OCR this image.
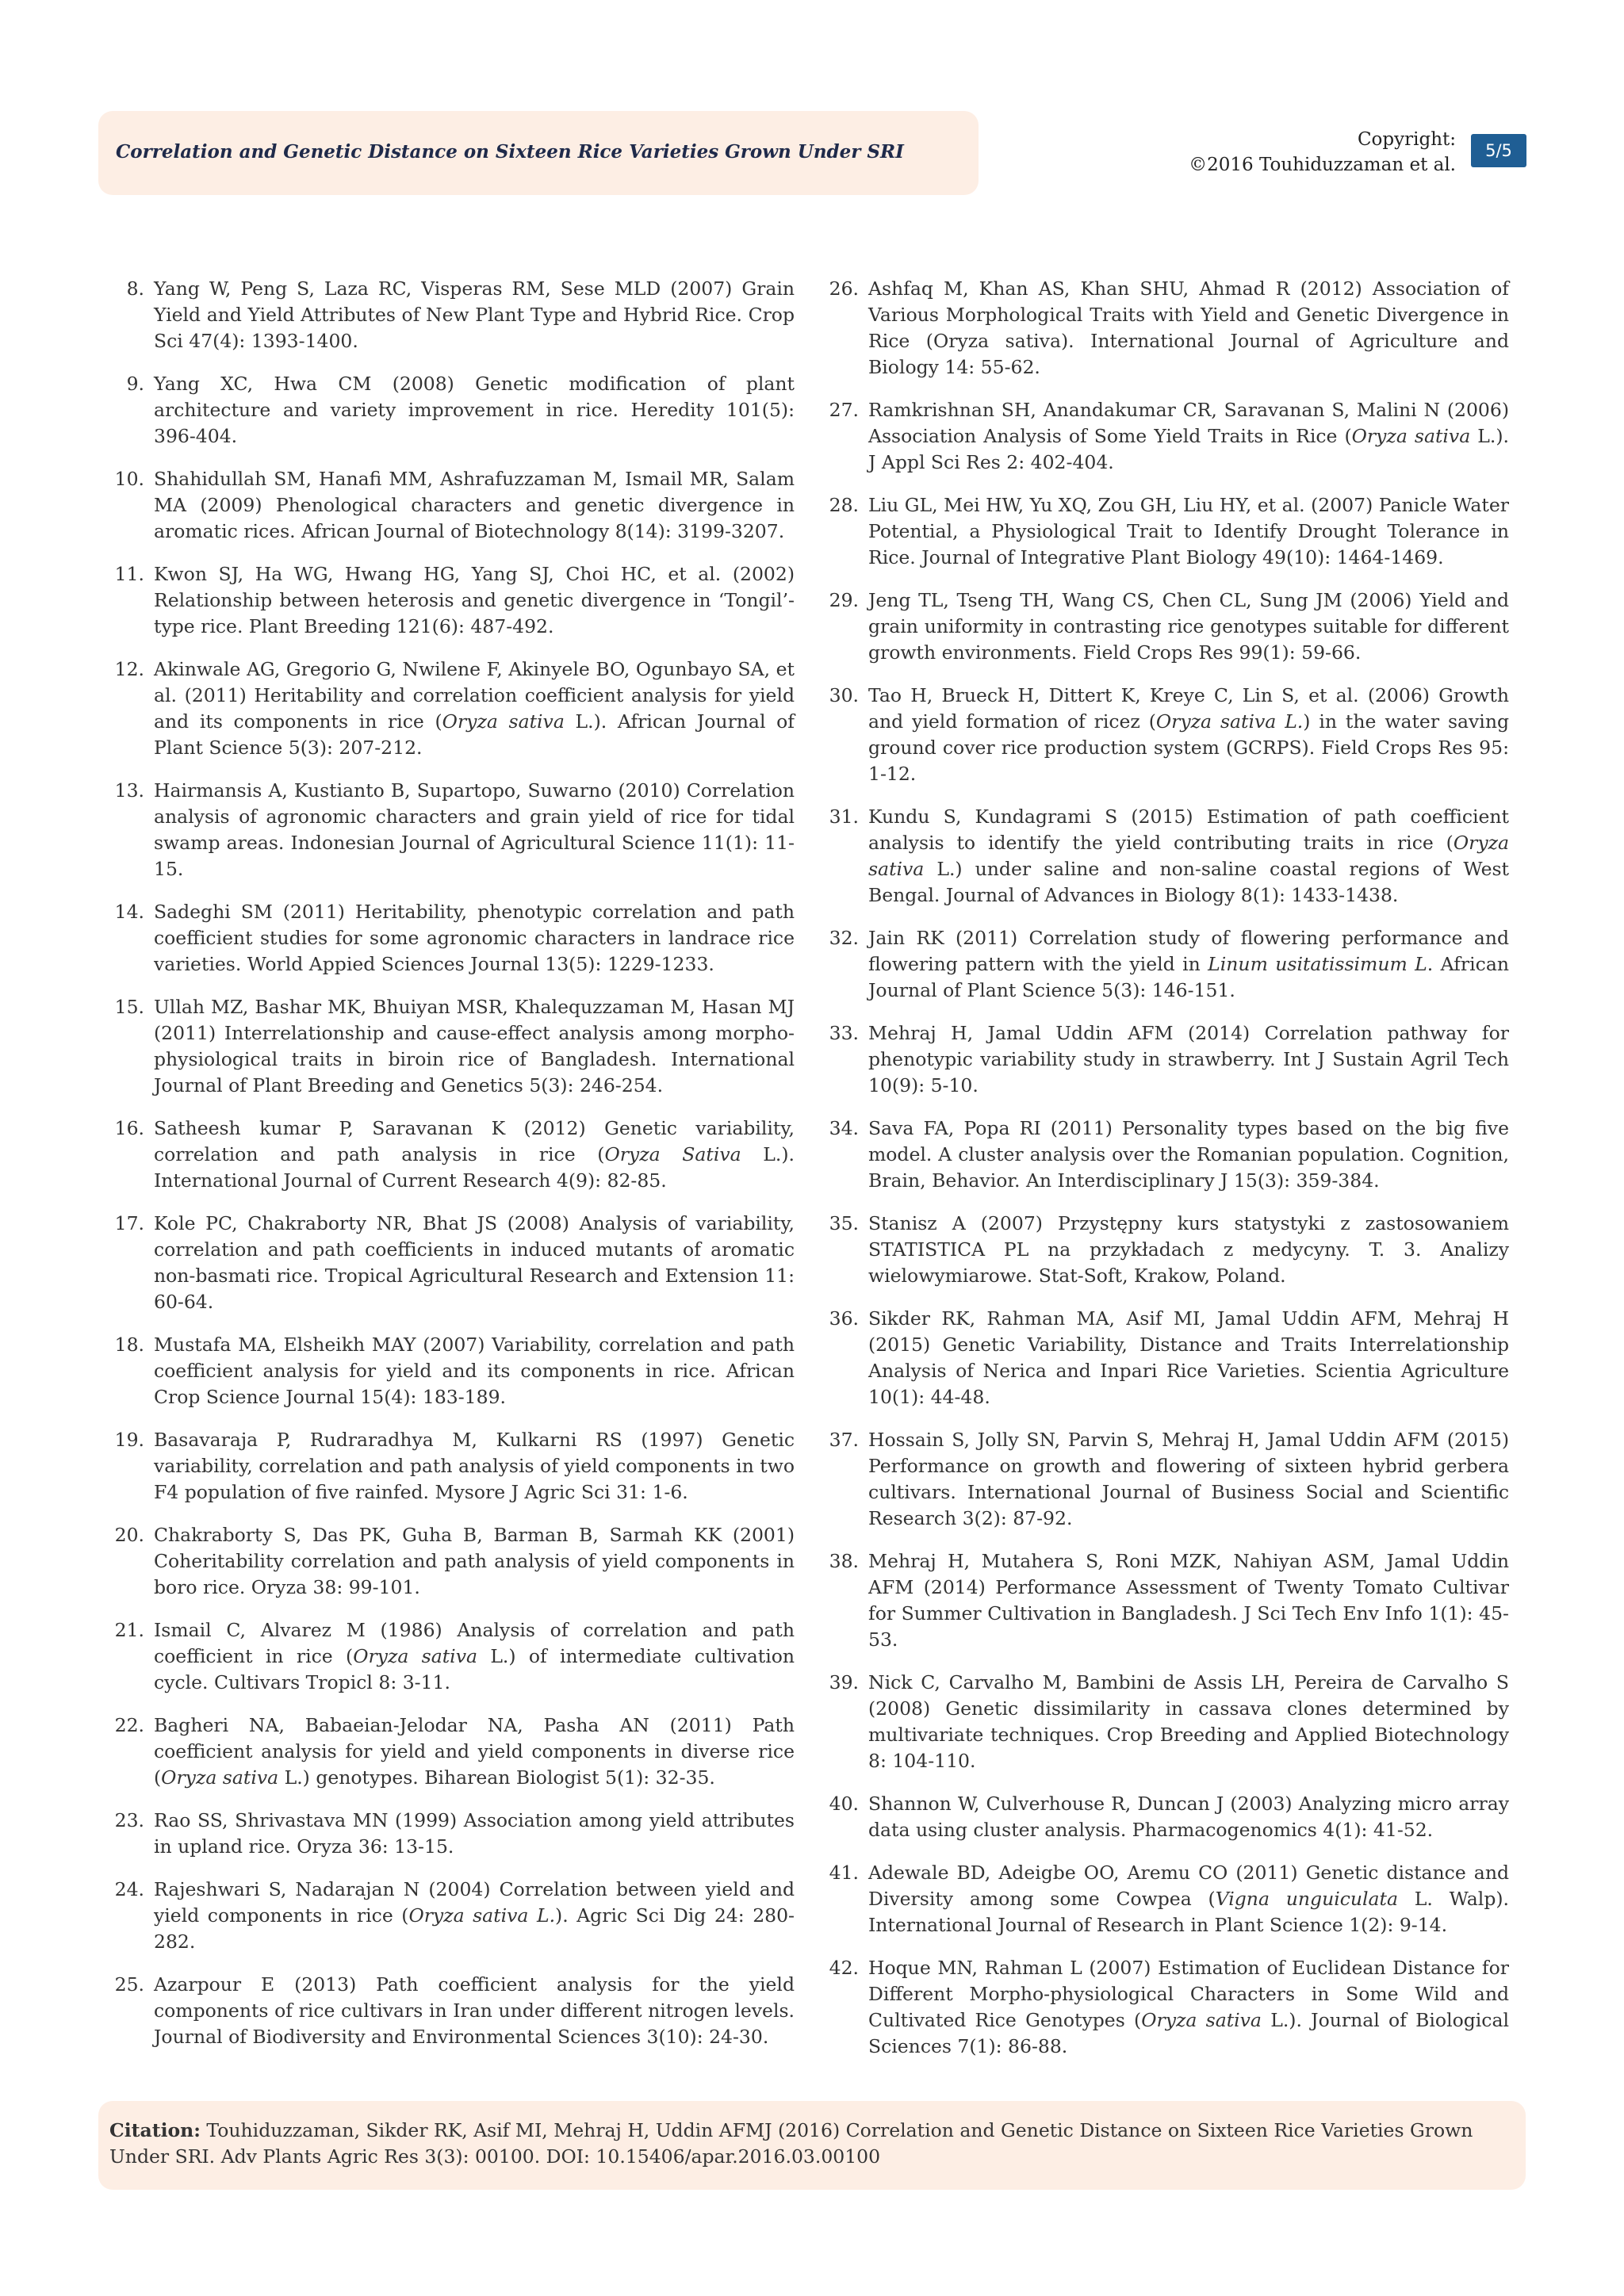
Correlation and Genetic Distance on Sixteen Rice Varieties Grown Under SRI
Copyright:
©2016 Touhiduzzaman et al.
5/5
8. Yang W, Peng S, Laza RC, Visperas RM, Sese MLD (2007) Grain Yield and Yield Attributes of New Plant Type and Hybrid Rice. Crop Sci 47(4): 1393-1400.
9. Yang XC, Hwa CM (2008) Genetic modification of plant architecture and variety improvement in rice. Heredity 101(5): 396-404.
10. Shahidullah SM, Hanafi MM, Ashrafuzzaman M, Ismail MR, Salam MA (2009) Phenological characters and genetic divergence in aromatic rices. African Journal of Biotechnology 8(14): 3199-3207.
11. Kwon SJ, Ha WG, Hwang HG, Yang SJ, Choi HC, et al. (2002) Relationship between heterosis and genetic divergence in ‘Tongil’-type rice. Plant Breeding 121(6): 487-492.
12. Akinwale AG, Gregorio G, Nwilene F, Akinyele BO, Ogunbayo SA, et al. (2011) Heritability and correlation coefficient analysis for yield and its components in rice (Oryza sativa L.). African Journal of Plant Science 5(3): 207-212.
13. Hairmansis A, Kustianto B, Supartopo, Suwarno (2010) Correlation analysis of agronomic characters and grain yield of rice for tidal swamp areas. Indonesian Journal of Agricultural Science 11(1): 11-15.
14. Sadeghi SM (2011) Heritability, phenotypic correlation and path coefficient studies for some agronomic characters in landrace rice varieties. World Appied Sciences Journal 13(5): 1229-1233.
15. Ullah MZ, Bashar MK, Bhuiyan MSR, Khalequzzaman M, Hasan MJ (2011) Interrelationship and cause-effect analysis among morpho-physiological traits in biroin rice of Bangladesh. International Journal of Plant Breeding and Genetics 5(3): 246-254.
16. Satheesh kumar P, Saravanan K (2012) Genetic variability, correlation and path analysis in rice (Oryza Sativa L.). International Journal of Current Research 4(9): 82-85.
17. Kole PC, Chakraborty NR, Bhat JS (2008) Analysis of variability, correlation and path coefficients in induced mutants of aromatic non-basmati rice. Tropical Agricultural Research and Extension 11: 60-64.
18. Mustafa MA, Elsheikh MAY (2007) Variability, correlation and path coefficient analysis for yield and its components in rice. African Crop Science Journal 15(4): 183-189.
19. Basavaraja P, Rudraradhya M, Kulkarni RS (1997) Genetic variability, correlation and path analysis of yield components in two F4 population of five rainfed. Mysore J Agric Sci 31: 1-6.
20. Chakraborty S, Das PK, Guha B, Barman B, Sarmah KK (2001) Coheritability correlation and path analysis of yield components in boro rice. Oryza 38: 99-101.
21. Ismail C, Alvarez M (1986) Analysis of correlation and path coefficient in rice (Oryza sativa L.) of intermediate cultivation cycle. Cultivars Tropicl 8: 3-11.
22. Bagheri NA, Babaeian-Jelodar NA, Pasha AN (2011) Path coefficient analysis for yield and yield components in diverse rice (Oryza sativa L.) genotypes. Biharean Biologist 5(1): 32-35.
23. Rao SS, Shrivastava MN (1999) Association among yield attributes in upland rice. Oryza 36: 13-15.
24. Rajeshwari S, Nadarajan N (2004) Correlation between yield and yield components in rice (Oryza sativa L.). Agric Sci Dig 24: 280-282.
25. Azarpour E (2013) Path coefficient analysis for the yield components of rice cultivars in Iran under different nitrogen levels. Journal of Biodiversity and Environmental Sciences 3(10): 24-30.
26. Ashfaq M, Khan AS, Khan SHU, Ahmad R (2012) Association of Various Morphological Traits with Yield and Genetic Divergence in Rice (Oryza sativa). International Journal of Agriculture and Biology 14: 55-62.
27. Ramkrishnan SH, Anandakumar CR, Saravanan S, Malini N (2006) Association Analysis of Some Yield Traits in Rice (Oryza sativa L.). J Appl Sci Res 2: 402-404.
28. Liu GL, Mei HW, Yu XQ, Zou GH, Liu HY, et al. (2007) Panicle Water Potential, a Physiological Trait to Identify Drought Tolerance in Rice. Journal of Integrative Plant Biology 49(10): 1464-1469.
29. Jeng TL, Tseng TH, Wang CS, Chen CL, Sung JM (2006) Yield and grain uniformity in contrasting rice genotypes suitable for different growth environments. Field Crops Res 99(1): 59-66.
30. Tao H, Brueck H, Dittert K, Kreye C, Lin S, et al. (2006) Growth and yield formation of ricez (Oryza sativa L.) in the water saving ground cover rice production system (GCRPS). Field Crops Res 95: 1-12.
31. Kundu S, Kundagrami S (2015) Estimation of path coefficient analysis to identify the yield contributing traits in rice (Oryza sativa L.) under saline and non-saline coastal regions of West Bengal. Journal of Advances in Biology 8(1): 1433-1438.
32. Jain RK (2011) Correlation study of flowering performance and flowering pattern with the yield in Linum usitatissimum L. African Journal of Plant Science 5(3): 146-151.
33. Mehraj H, Jamal Uddin AFM (2014) Correlation pathway for phenotypic variability study in strawberry. Int J Sustain Agril Tech 10(9): 5-10.
34. Sava FA, Popa RI (2011) Personality types based on the big five model. A cluster analysis over the Romanian population. Cognition, Brain, Behavior. An Interdisciplinary J 15(3): 359-384.
35. Stanisz A (2007) Przystępny kurs statystyki z zastosowaniem STATISTICA PL na przykładach z medycyny. T. 3. Analizy wielowymiarowe. Stat-Soft, Krakow, Poland.
36. Sikder RK, Rahman MA, Asif MI, Jamal Uddin AFM, Mehraj H (2015) Genetic Variability, Distance and Traits Interrelationship Analysis of Nerica and Inpari Rice Varieties. Scientia Agriculture 10(1): 44-48.
37. Hossain S, Jolly SN, Parvin S, Mehraj H, Jamal Uddin AFM (2015) Performance on growth and flowering of sixteen hybrid gerbera cultivars. International Journal of Business Social and Scientific Research 3(2): 87-92.
38. Mehraj H, Mutahera S, Roni MZK, Nahiyan ASM, Jamal Uddin AFM (2014) Performance Assessment of Twenty Tomato Cultivar for Summer Cultivation in Bangladesh. J Sci Tech Env Info 1(1): 45-53.
39. Nick C, Carvalho M, Bambini de Assis LH, Pereira de Carvalho S (2008) Genetic dissimilarity in cassava clones determined by multivariate techniques. Crop Breeding and Applied Biotechnology 8: 104-110.
40. Shannon W, Culverhouse R, Duncan J (2003) Analyzing micro array data using cluster analysis. Pharmacogenomics 4(1): 41-52.
41. Adewale BD, Adeigbe OO, Aremu CO (2011) Genetic distance and Diversity among some Cowpea (Vigna unguiculata L. Walp). International Journal of Research in Plant Science 1(2): 9-14.
42. Hoque MN, Rahman L (2007) Estimation of Euclidean Distance for Different Morpho-physiological Characters in Some Wild and Cultivated Rice Genotypes (Oryza sativa L.). Journal of Biological Sciences 7(1): 86-88.
Citation: Touhiduzzaman, Sikder RK, Asif MI, Mehraj H, Uddin AFMJ (2016) Correlation and Genetic Distance on Sixteen Rice Varieties Grown Under SRI. Adv Plants Agric Res 3(3): 00100. DOI: 10.15406/apar.2016.03.00100
